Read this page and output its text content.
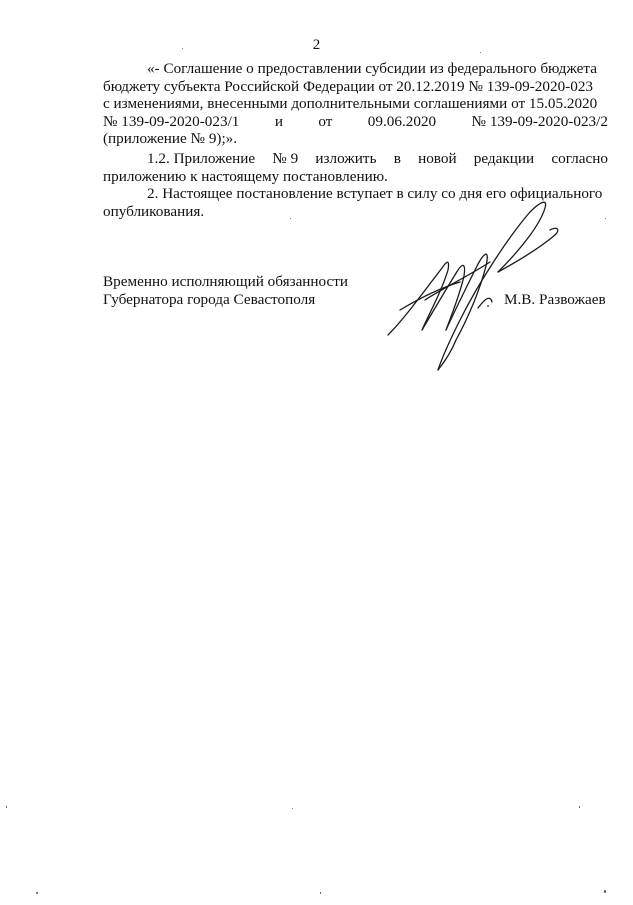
2
«- Соглашение о предоставлении субсидии из федерального бюджета
бюджету субъекта Российской Федерации от 20.12.2019 № 139-09-2020-023
с изменениями, внесенными дополнительными соглашениями от 15.05.2020
№ 139-09-2020-023/1 и от 09.06.2020 № 139-09-2020-023/2
(приложение № 9);».
1.2. Приложение № 9 изложить в новой редакции согласно
приложению к настоящему постановлению.
2. Настоящее постановление вступает в силу со дня его официального
опубликования.
Временно исполняющий обязанности
Губернатора города Севастополя	М.В. Развожаев
